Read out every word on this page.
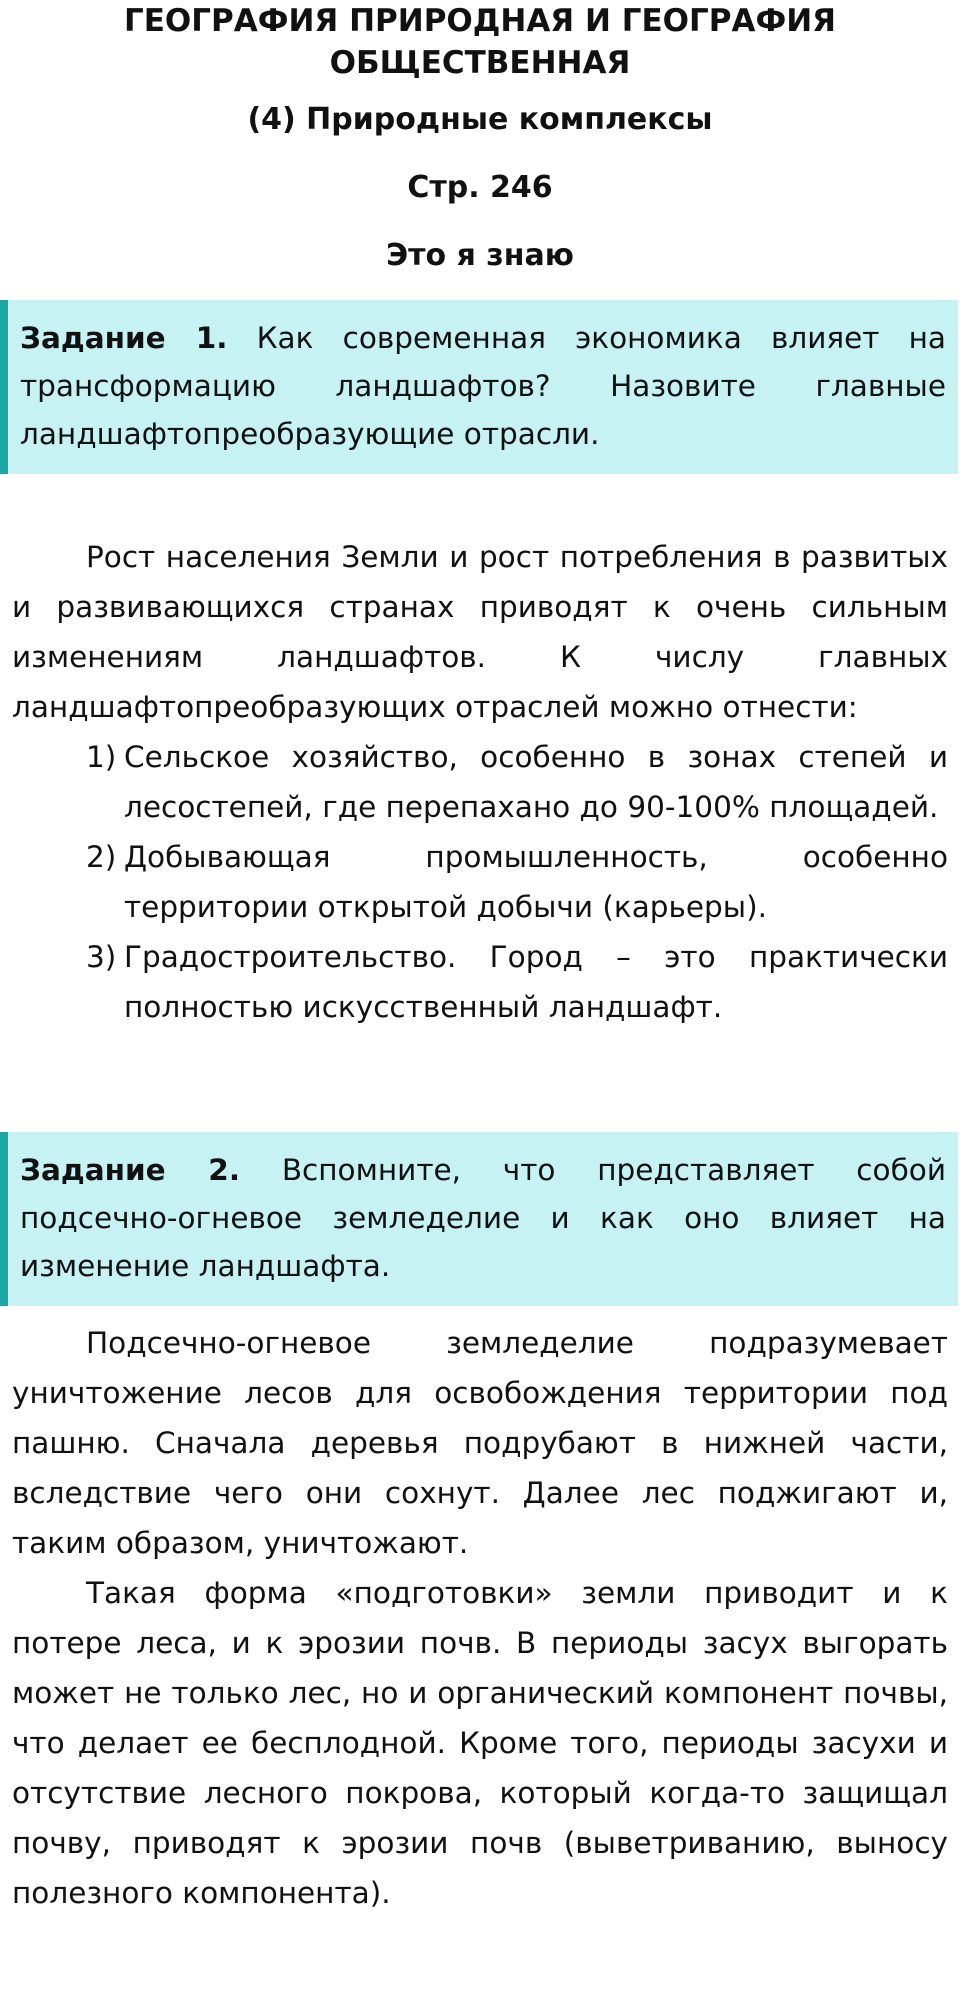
ГЕОГРАФИЯ ПРИРОДНАЯ И ГЕОГРАФИЯ
ОБЩЕСТВЕННАЯ
(4) Природные комплексы
Стр. 246
Это я знаю
Задание 1. Как современная экономика влияет на трансформацию ландшафтов? Назовите главные ландшафтопреобразующие отрасли.

Рост населения Земли и рост потребления в развитых и развивающихся странах приводят к очень сильным изменениям ландшафтов. К числу главных ландшафтопреобразующих отраслей можно отнести:

1) Сельское хозяйство, особенно в зонах степей и лесостепей, где перепахано до 90-100% площадей.
2) Добывающая промышленность, особенно территории открытой добычи (карьеры).
3) Градостроительство. Город – это практически полностью искусственный ландшафт.
Задание 2. Вспомните, что представляет собой подсечно-огневое земледелие и как оно влияет на изменение ландшафта.

Подсечно-огневое земледелие подразумевает уничтожение лесов для освобождения территории под пашню. Сначала деревья подрубают в нижней части, вследствие чего они сохнут. Далее лес поджигают и, таким образом, уничтожают.

Такая форма «подготовки» земли приводит и к потере леса, и к эрозии почв. В периоды засух выгорать может не только лес, но и органический компонент почвы, что делает ее бесплодной. Кроме того, периоды засухи и отсутствие лесного покрова, который когда-то защищал почву, приводят к эрозии почв (выветриванию, выносу полезного компонента).
